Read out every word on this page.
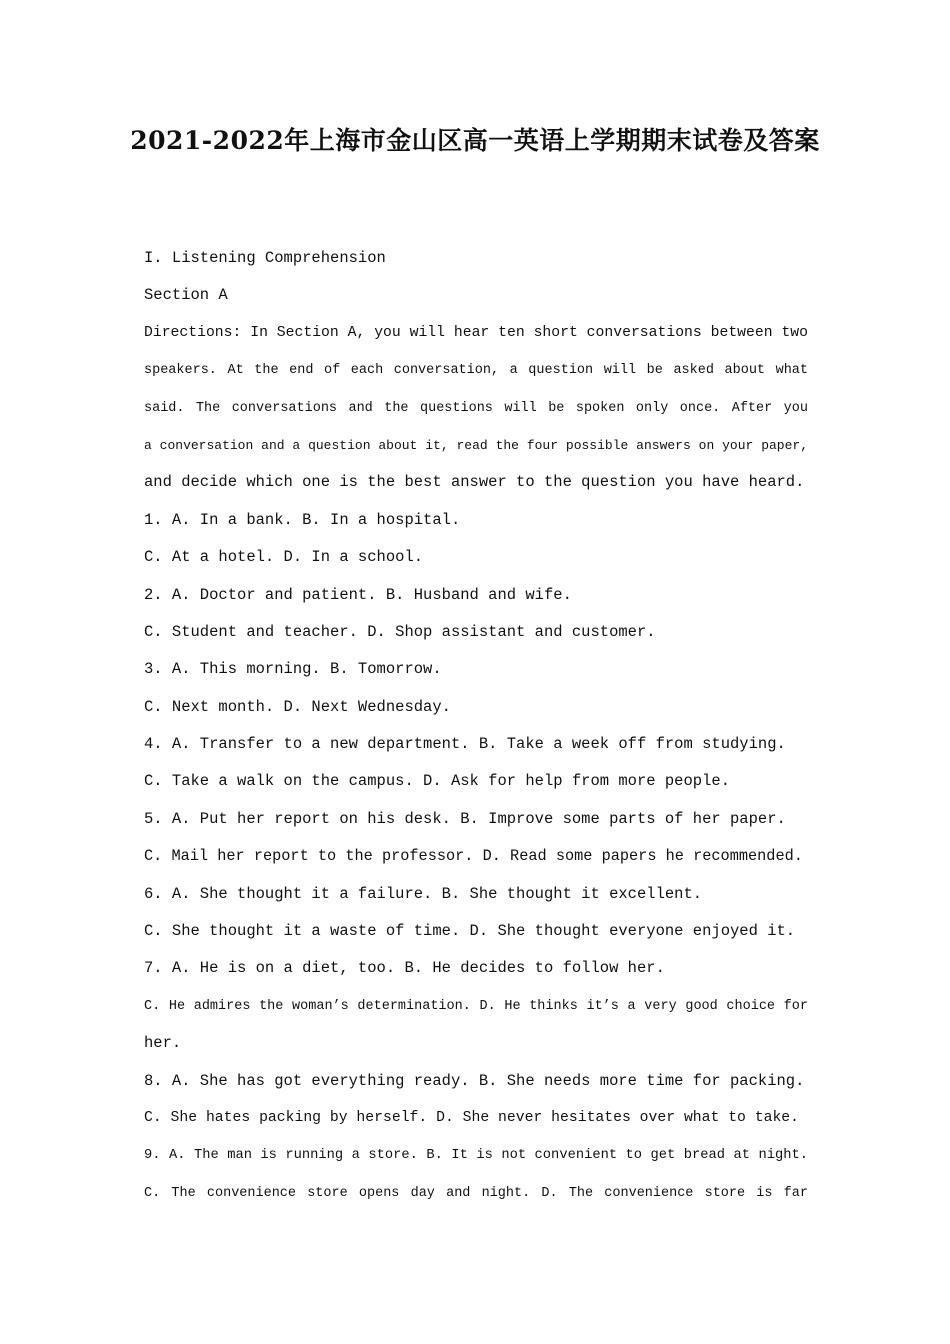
2021-2022年上海市金山区高一英语上学期期末试卷及答案
I. Listening Comprehension
Section A
Directions: In Section A, you will hear ten short conversations between two
speakers. At the end of each conversation, a question will be asked about what
said. The conversations and the questions will be spoken only once. After you
a conversation and a question about it, read the four possible answers on your paper,
and decide which one is the best answer to the question you have heard.
1. A. In a bank. B. In a hospital.
C. At a hotel. D. In a school.
2. A. Doctor and patient. B. Husband and wife.
C. Student and teacher. D. Shop assistant and customer.
3. A. This morning. B. Tomorrow.
C. Next month. D. Next Wednesday.
4. A. Transfer to a new department. B. Take a week off from studying.
C. Take a walk on the campus. D. Ask for help from more people.
5. A. Put her report on his desk. B. Improve some parts of her paper.
C. Mail her report to the professor. D. Read some papers he recommended.
6. A. She thought it a failure. B. She thought it excellent.
C. She thought it a waste of time. D. She thought everyone enjoyed it.
7. A. He is on a diet, too. B. He decides to follow her.
C. He admires the woman’s determination. D. He thinks it’s a very good choice for
her.
8. A. She has got everything ready. B. She needs more time for packing.
C. She hates packing by herself. D. She never hesitates over what to take.
9. A. The man is running a store. B. It is not convenient to get bread at night.
C. The convenience store opens day and night. D. The convenience store is far
